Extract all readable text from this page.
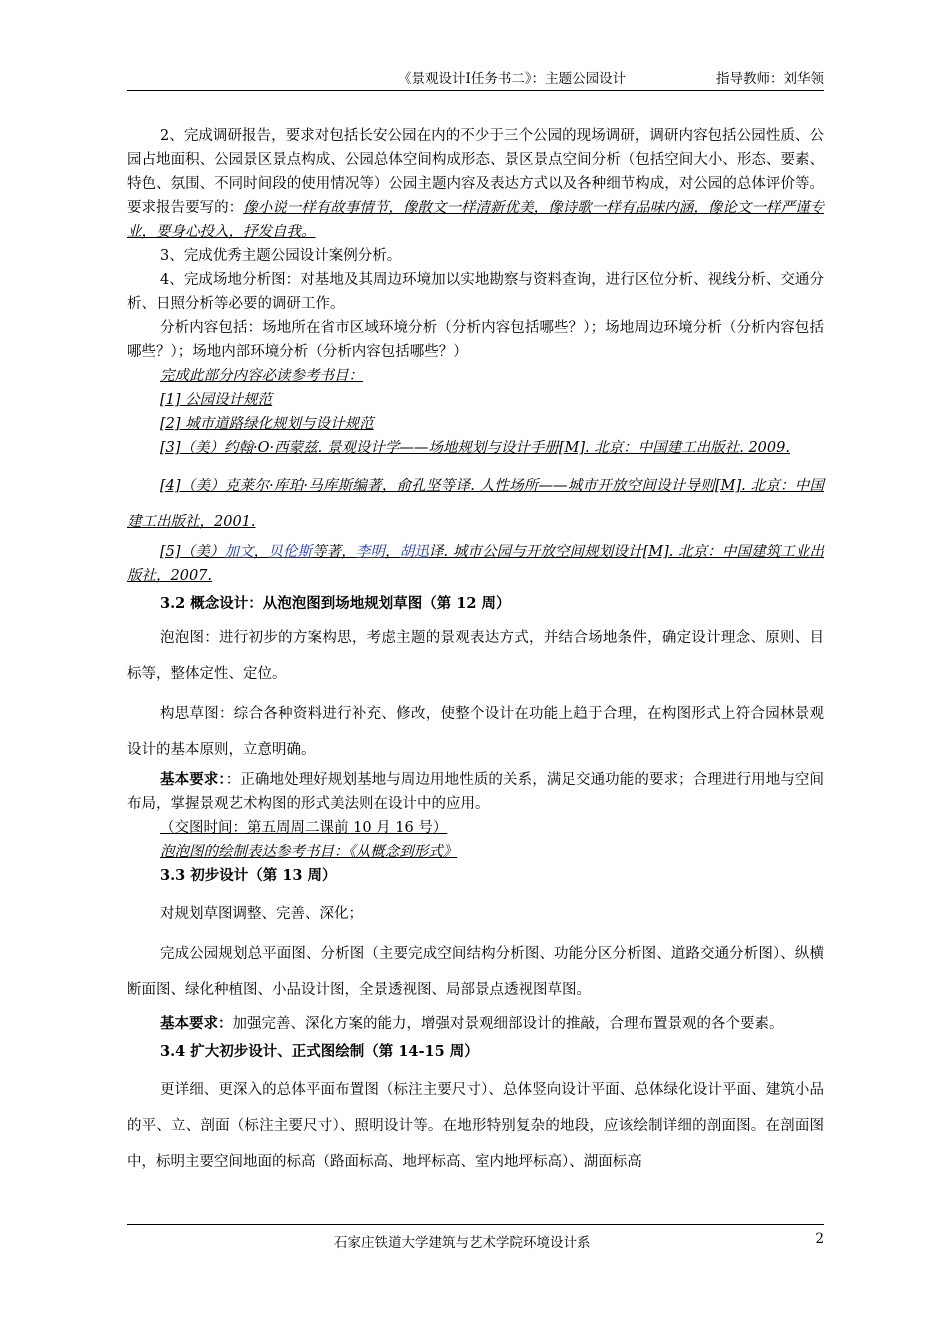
《景观设计I任务书二》：主题公园设计	指导教师：刘华领

2、完成调研报告，要求对包括长安公园在内的不少于三个公园的现场调研，调研内容包括公园性质、公园占地面积、公园景区景点构成、公园总体空间构成形态、景区景点空间分析（包括空间大小、形态、要素、特色、氛围、不同时间段的使用情况等）公园主题内容及表达方式以及各种细节构成，对公园的总体评价等。要求报告要写的：像小说一样有故事情节，像散文一样清新优美，像诗歌一样有品味内涵，像论文一样严谨专业，要身心投入，抒发自我。

3、完成优秀主题公园设计案例分析。

4、完成场地分析图：对基地及其周边环境加以实地勘察与资料查询，进行区位分析、视线分析、交通分析、日照分析等必要的调研工作。

分析内容包括：场地所在省市区域环境分析（分析内容包括哪些？）；场地周边环境分析（分析内容包括哪些？）；场地内部环境分析（分析内容包括哪些？）

完成此部分内容必读参考书目：

[1] 公园设计规范

[2] 城市道路绿化规划与设计规范

[3]（美）约翰·O·西蒙兹. 景观设计学——场地规划与设计手册[M]. 北京：中国建工出版社. 2009.

[4]（美）克莱尔·库珀·马库斯编著，俞孔坚等译. 人性场所——城市开放空间设计导则[M]. 北京：中国建工出版社，2001.

[5]（美）加文，贝伦斯等著，李明，胡迅译. 城市公园与开放空间规划设计[M]. 北京：中国建筑工业出版社，2007.

3.2 概念设计：从泡泡图到场地规划草图（第 12 周）

泡泡图：进行初步的方案构思，考虑主题的景观表达方式，并结合场地条件，确定设计理念、原则、目标等，整体定性、定位。

构思草图：综合各种资料进行补充、修改，使整个设计在功能上趋于合理，在构图形式上符合园林景观设计的基本原则，立意明确。

基本要求：：正确地处理好规划基地与周边用地性质的关系，满足交通功能的要求；合理进行用地与空间布局，掌握景观艺术构图的形式美法则在设计中的应用。

（交图时间：第五周周二课前 10 月 16 号）

泡泡图的绘制表达参考书目：《从概念到形式》

3.3 初步设计（第 13 周）

对规划草图调整、完善、深化；

完成公园规划总平面图、分析图（主要完成空间结构分析图、功能分区分析图、道路交通分析图）、纵横断面图、绿化种植图、小品设计图，全景透视图、局部景点透视图草图。

基本要求：加强完善、深化方案的能力，增强对景观细部设计的推敲，合理布置景观的各个要素。

3.4 扩大初步设计、正式图绘制（第 14-15 周）

更详细、更深入的总体平面布置图（标注主要尺寸）、总体竖向设计平面、总体绿化设计平面、建筑小品的平、立、剖面（标注主要尺寸）、照明设计等。在地形特别复杂的地段，应该绘制详细的剖面图。在剖面图中，标明主要空间地面的标高（路面标高、地坪标高、室内地坪标高）、湖面标高

石家庄铁道大学建筑与艺术学院环境设计系	2
